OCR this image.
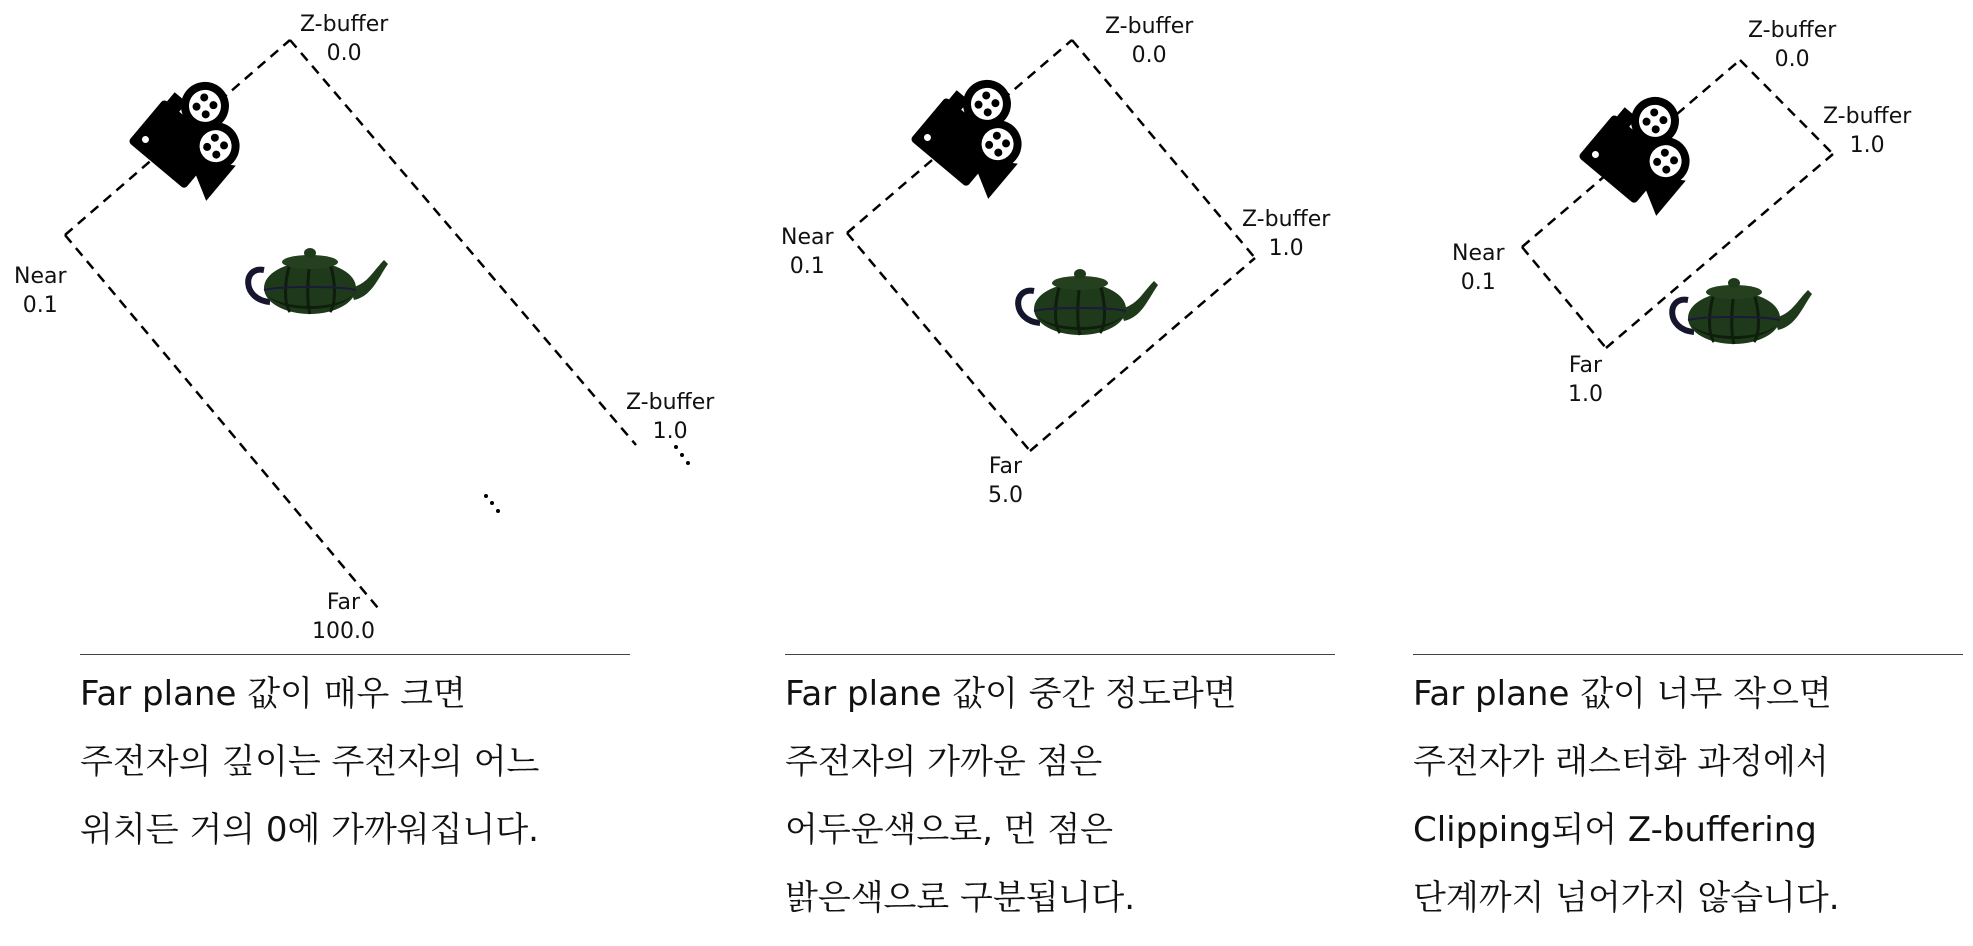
Z-buffer
0.0
Near
0.1
Z-buffer
1.0
Far
100.0
Far plane 값이 매우 크면
주전자의 깊이는 주전자의 어느
위치든 거의 0에 가까워집니다.
Z-buffer
0.0
Near
0.1
Z-buffer
1.0
Far
5.0
Far plane 값이 중간 정도라면
주전자의 가까운 점은
어두운색으로, 먼 점은
밝은색으로 구분됩니다.
Z-buffer
0.0
Near
0.1
Z-buffer
1.0
Far
1.0
Far plane 값이 너무 작으면
주전자가 래스터화 과정에서
Clipping되어 Z-buffering
단계까지 넘어가지 않습니다.
